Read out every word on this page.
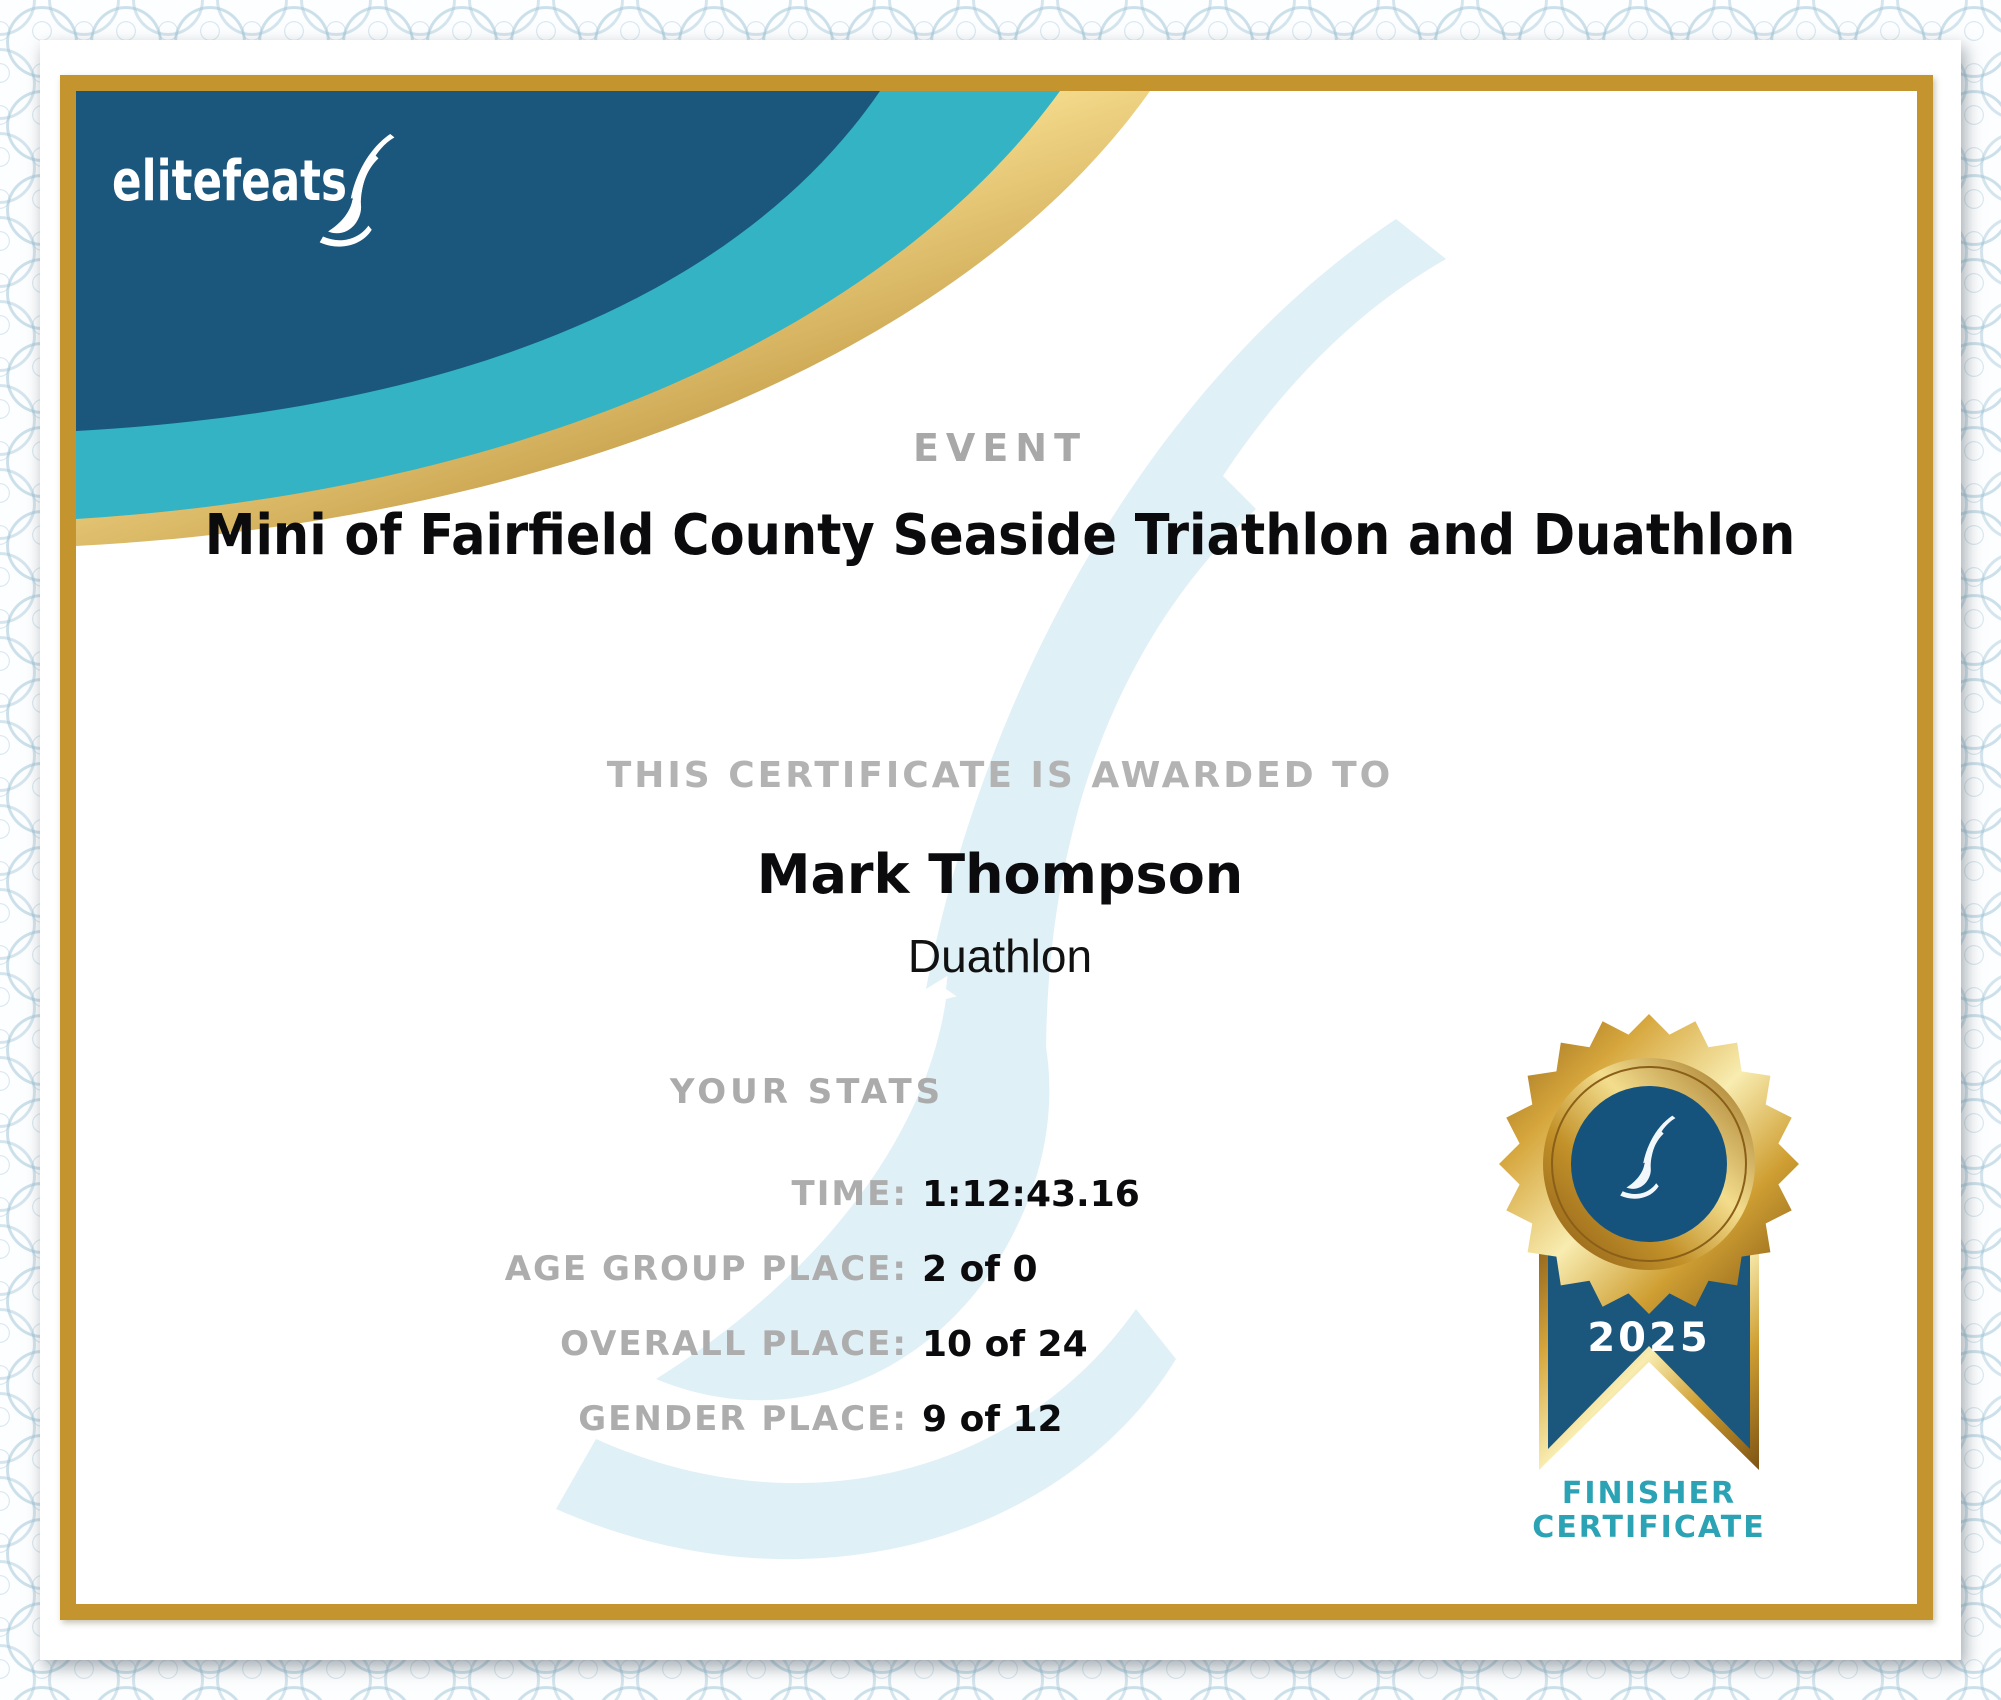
elitefeats
EVENT
Mini of Fairfield County Seaside Triathlon and Duathlon
THIS CERTIFICATE IS AWARDED TO
Mark Thompson
Duathlon
YOUR STATS
TIME: 1:12:43.16
AGE GROUP PLACE: 2 of 0
OVERALL PLACE: 10 of 24
GENDER PLACE: 9 of 12
2025
FINISHER
CERTIFICATE
